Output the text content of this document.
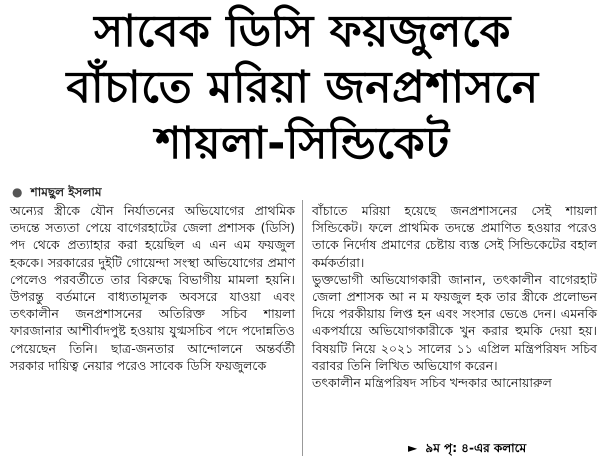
সাবেক ডিসি ফয়জুলকে
বাঁচাতে মরিয়া জনপ্রশাসনে
শায়লা-সিন্ডিকেট
● শামছুল ইসলাম

অন্যের স্ত্রীকে যৌন নির্যাতনের অভিযোগের প্রাথমিক তদন্তে সত্যতা পেয়ে বাগেরহাটের জেলা প্রশাসক (ডিসি) পদ থেকে প্রত্যাহার করা হয়েছিল এ এন এম ফয়জুল হককে। সরকারের দুইটি গোয়েন্দা সংস্থা অভিযোগের প্রমাণ পেলেও পরবর্তীতে তার বিরুদ্ধে বিভাগীয় মামলা হয়নি। উপরন্তু বর্তমানে বাধ্যতামূলক অবসরে যাওয়া এবং তৎকালীন জনপ্রশাসনের অতিরিক্ত সচিব শায়লা ফারজানার আশীর্বাদপুষ্ট হওয়ায় যুগ্মসচিব পদে পদোন্নতিও পেয়েছেন তিনি। ছাত্র-জনতার আন্দোলনে অন্তর্বর্তী সরকার দায়িত্ব নেয়ার পরেও সাবেক ডিসি ফয়জুলকে

বাঁচাতে মরিয়া হয়েছে জনপ্রশাসনের সেই শায়লা সিন্ডিকেট। ফলে প্রাথমিক তদন্তে প্রমাণিত হওয়ার পরেও তাকে নির্দোষ প্রমাণের চেষ্টায় ব্যস্ত সেই সিন্ডিকেটের বহাল কর্মকর্তারা।

ভুক্তভোগী অভিযোগকারী জানান, তৎকালীন বাগেরহাট জেলা প্রশাসক আ ন ম ফয়জুল হক তার স্ত্রীকে প্রলোভন দিয়ে পরকীয়ায় লিপ্ত হন এবং সংসার ভেঙে দেন। এমনকি একপর্যায়ে অভিযোগকারীকে খুন করার হুমকি দেয়া হয়। বিষয়টি নিয়ে ২০২১ সালের ১১ এপ্রিল মন্ত্রিপরিষদ সচিব বরাবর তিনি লিখিত অভিযোগ করেন।

তৎকালীন মন্ত্রিপরিষদ সচিব খন্দকার আনোয়ারুল

► ৯ম পৃ: ৪-এর কলামে
